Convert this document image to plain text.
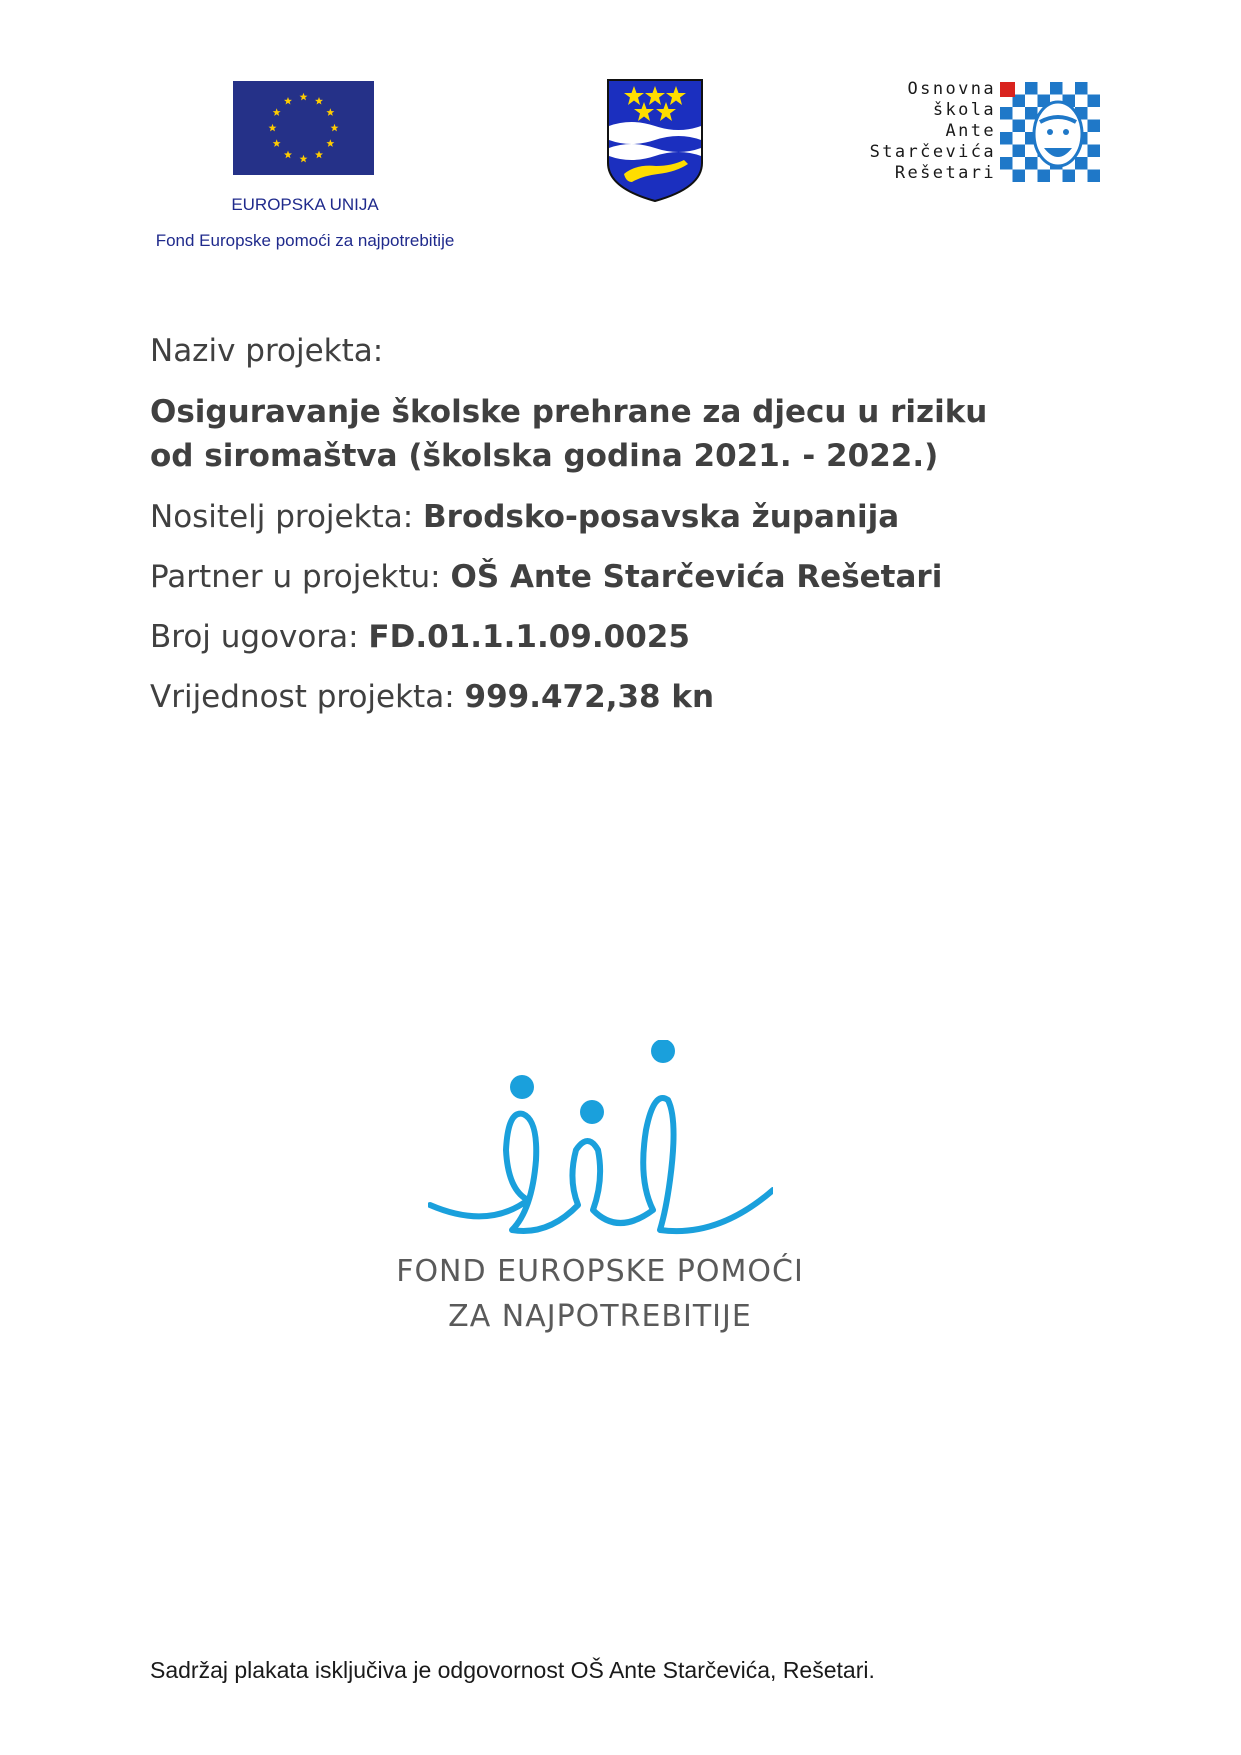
EUROPSKA UNIJA
Fond Europske pomoći za najpotrebitije
Osnovna
škola
Ante
Starčevića
Rešetari
Naziv projekta:
Osiguravanje školske prehrane za djecu u riziku
od siromaštva (školska godina 2021. - 2022.)
Nositelj projekta: Brodsko-posavska županija
Partner u projektu: OŠ Ante Starčevića Rešetari
Broj ugovora: FD.01.1.1.09.0025
Vrijednost projekta: 999.472,38 kn
FOND EUROPSKE POMOĆI
ZA NAJPOTREBITIJE
Sadržaj plakata isključiva je odgovornost OŠ Ante Starčevića, Rešetari.
